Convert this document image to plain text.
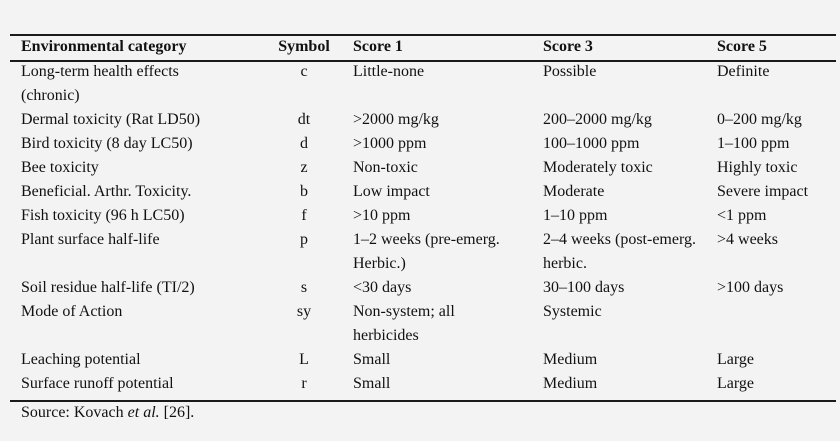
Environmental category	Symbol	Score 1	Score 3	Score 5

Long-term health effects (chronic)	c	Little-none	Possible	Definite
Dermal toxicity (Rat LD50)	dt	>2000 mg/kg	200–2000 mg/kg	0–200 mg/kg
Bird toxicity (8 day LC50)	d	>1000 ppm	100–1000 ppm	1–100 ppm
Bee toxicity	z	Non-toxic	Moderately toxic	Highly toxic
Beneficial. Arthr. Toxicity.	b	Low impact	Moderate	Severe impact
Fish toxicity (96 h LC50)	f	>10 ppm	1–10 ppm	<1 ppm
Plant surface half-life	p	1–2 weeks (pre-emerg. Herbic.)	2–4 weeks (post-emerg. herbic.	>4 weeks
Soil residue half-life (TI/2)	s	<30 days	30–100 days	>100 days
Mode of Action	sy	Non-system; all herbicides	Systemic	
Leaching potential	L	Small	Medium	Large
Surface runoff potential	r	Small	Medium	Large
Source: Kovach et al. [26].
